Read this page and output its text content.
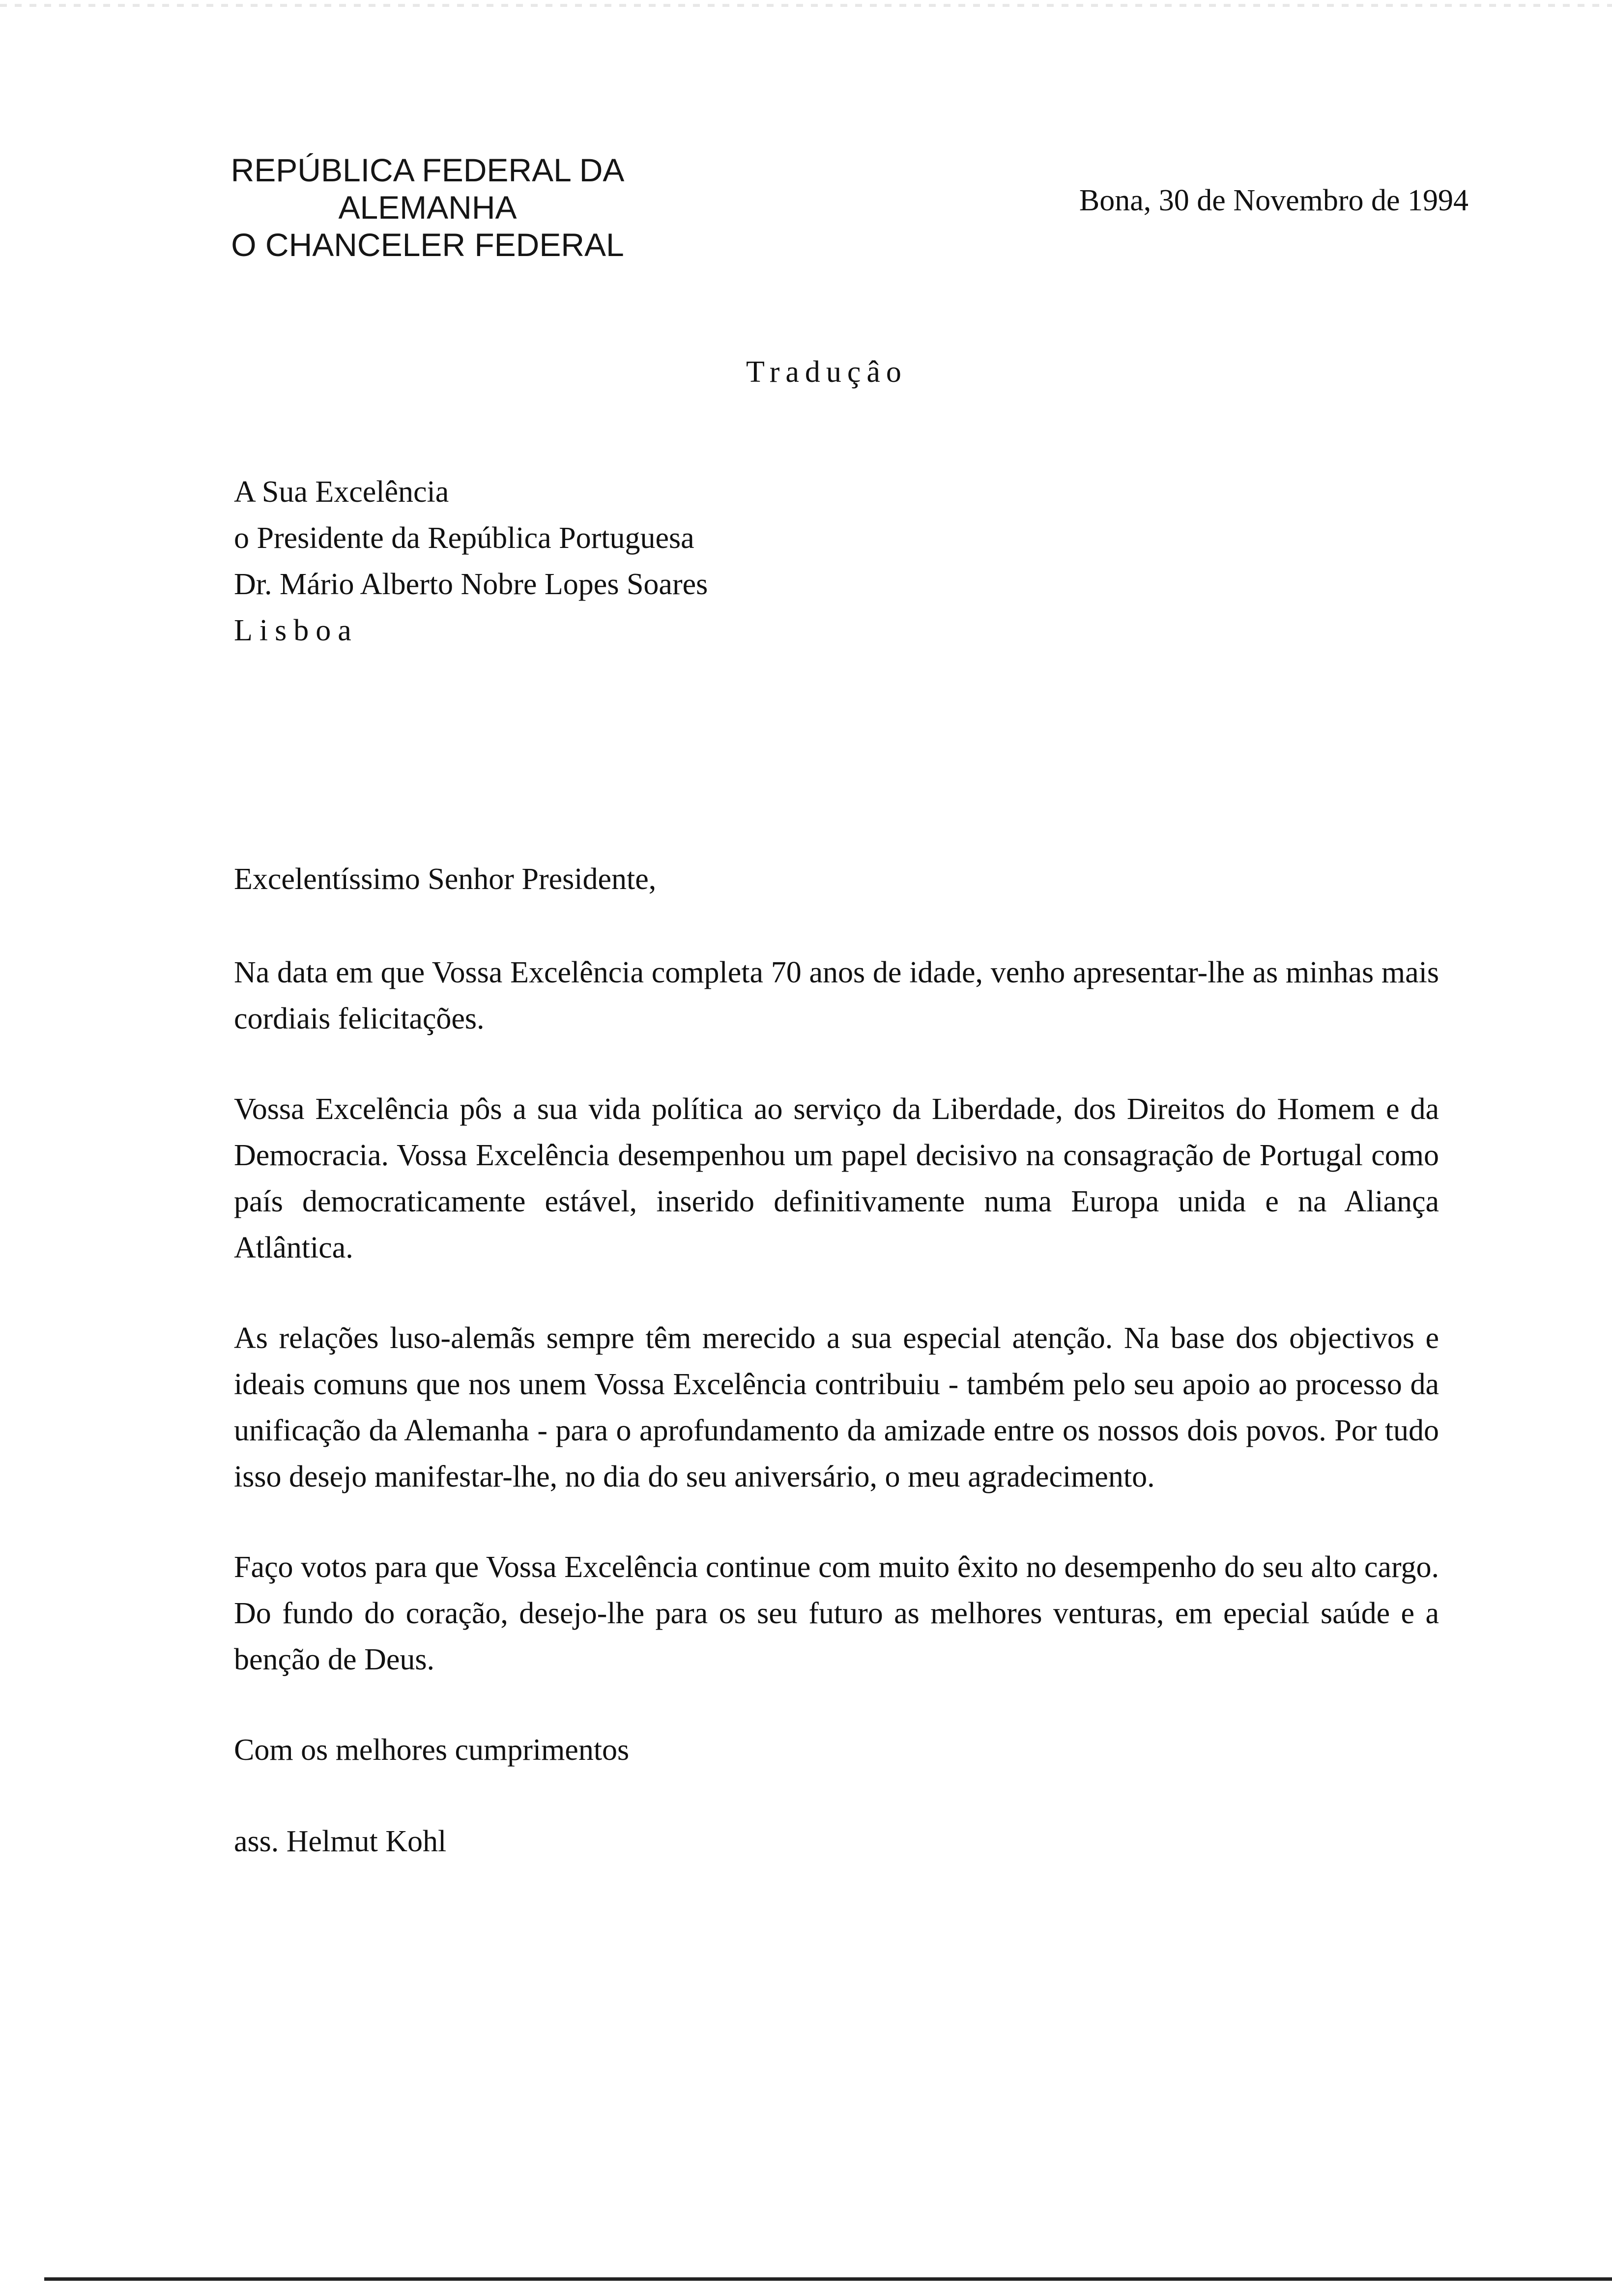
REPÚBLICA FEDERAL DA
ALEMANHA
O CHANCELER FEDERAL
Bona, 30 de Novembro de 1994
Traduçâo
A Sua Excelência
o Presidente da República Portuguesa
Dr. Mário Alberto Nobre Lopes Soares
Lisboa

Excelentíssimo Senhor Presidente,

Na data em que Vossa Excelência completa 70 anos de idade, venho apresentar-lhe as minhas mais cordiais felicitações.

Vossa Excelência pôs a sua vida política ao serviço da Liberdade, dos Direitos do Homem e da Democracia. Vossa Excelência desempenhou um papel decisivo na consagração de Portugal como país democraticamente estável, inserido definitivamente numa Europa unida e na Aliança Atlântica.

As relações luso-alemãs sempre têm merecido a sua especial atenção. Na base dos objectivos e ideais comuns que nos unem Vossa Excelência contribuiu - também pelo seu apoio ao processo da unificação da Alemanha - para o aprofundamento da amizade entre os nossos dois povos. Por tudo isso desejo manifestar-lhe, no dia do seu aniversário, o meu agradecimento.

Faço votos para que Vossa Excelência continue com muito êxito no desempenho do seu alto cargo. Do fundo do coração, desejo-lhe para os seu futuro as melhores venturas, em epecial saúde e a benção de Deus.

Com os melhores cumprimentos

ass. Helmut Kohl
